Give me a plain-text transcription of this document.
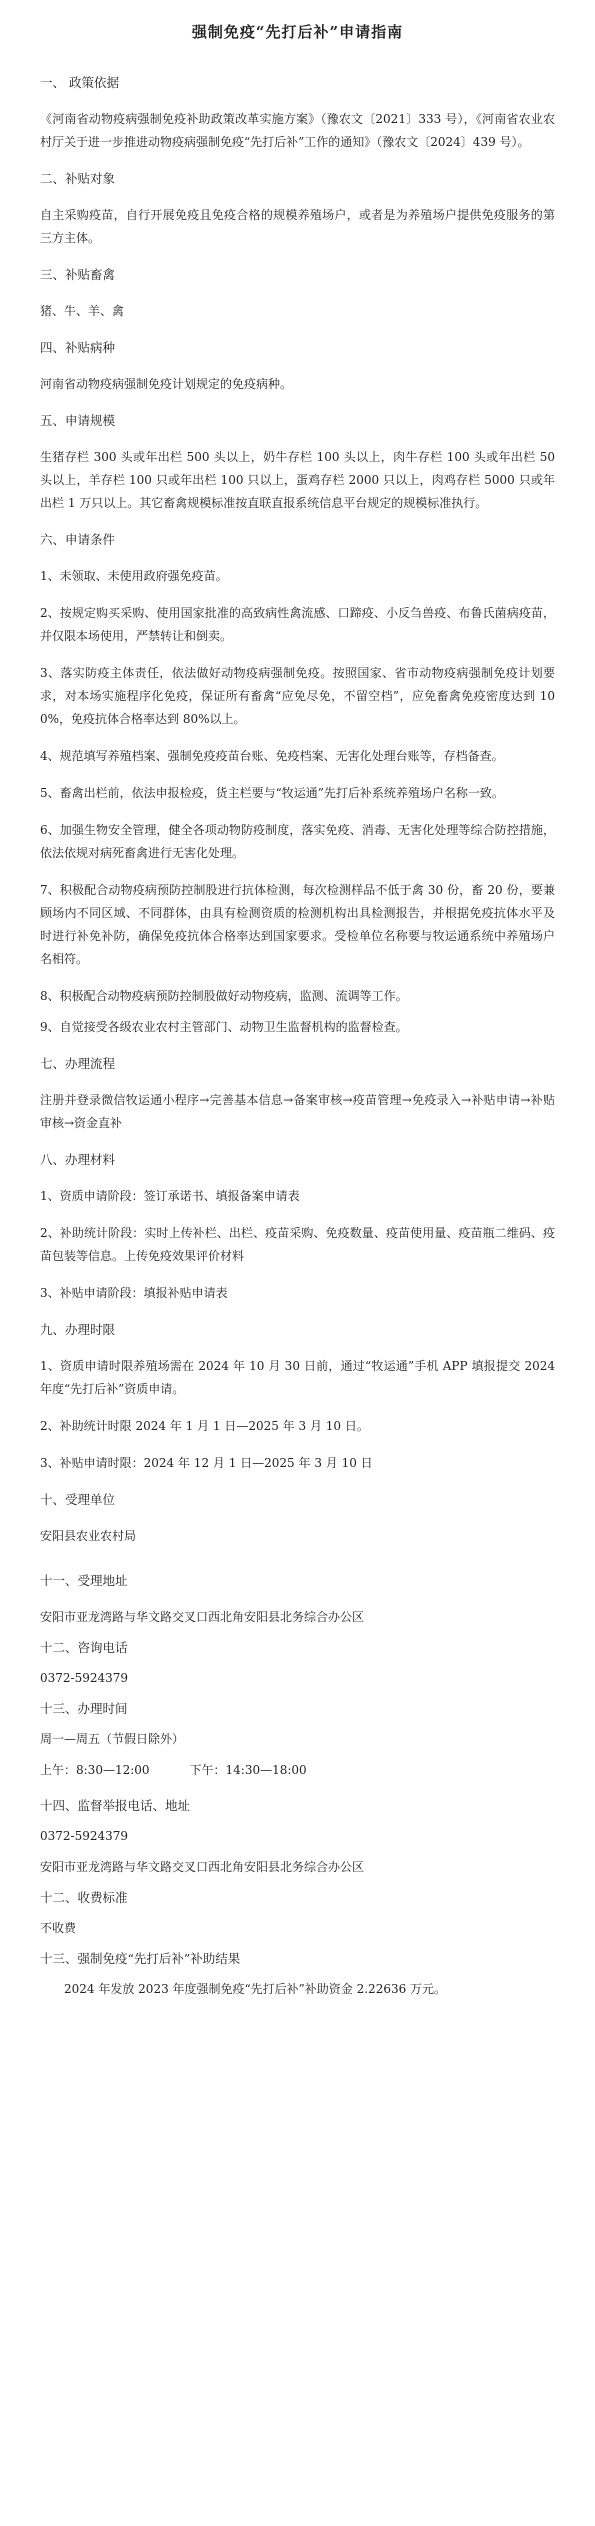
强制免疫“先打后补”申请指南
一、 政策依据
《河南省动物疫病强制免疫补助政策改革实施方案》（豫农文〔2021〕333 号），《河南省农业农村厅关于进一步推进动物疫病强制免疫“先打后补”工作的通知》（豫农文〔2024〕439 号）。
二、补贴对象
自主采购疫苗，自行开展免疫且免疫合格的规模养殖场户，或者是为养殖场户提供免疫服务的第三方主体。
三、补贴畜禽
猪、牛、羊、禽
四、补贴病种
河南省动物疫病强制免疫计划规定的免疫病种。
五、申请规模
生猪存栏 300 头或年出栏 500 头以上，奶牛存栏 100 头以上，肉牛存栏 100 头或年出栏 50 头以上，羊存栏 100 只或年出栏 100 只以上，蛋鸡存栏 2000 只以上，肉鸡存栏 5000 只或年出栏 1 万只以上。其它畜禽规模标准按直联直报系统信息平台规定的规模标准执行。
六、申请条件
1、未领取、未使用政府强免疫苗。
2、按规定购买采购、使用国家批准的高致病性禽流感、口蹄疫、小反刍兽疫、布鲁氏菌病疫苗，并仅限本场使用，严禁转让和倒卖。
3、落实防疫主体责任，依法做好动物疫病强制免疫。按照国家、省市动物疫病强制免疫计划要求，对本场实施程序化免疫，保证所有畜禽“应免尽免，不留空档”，应免畜禽免疫密度达到 100%，免疫抗体合格率达到 80%以上。
4、规范填写养殖档案、强制免疫疫苗台账、免疫档案、无害化处理台账等，存档备查。
5、畜禽出栏前，依法申报检疫，货主栏要与“牧运通”先打后补系统养殖场户名称一致。
6、加强生物安全管理，健全各项动物防疫制度，落实免疫、消毒、无害化处理等综合防控措施，依法依规对病死畜禽进行无害化处理。
7、积极配合动物疫病预防控制股进行抗体检测，每次检测样品不低于禽 30 份，畜 20 份，要兼顾场内不同区域、不同群体，由具有检测资质的检测机构出具检测报告，并根据免疫抗体水平及时进行补免补防，确保免疫抗体合格率达到国家要求。受检单位名称要与牧运通系统中养殖场户名相符。
8、积极配合动物疫病预防控制股做好动物疫病，监测、流调等工作。
9、自觉接受各级农业农村主管部门、动物卫生监督机构的监督检查。
七、办理流程
注册并登录微信牧运通小程序→完善基本信息→备案审核→疫苗管理→免疫录入→补贴申请→补贴审核→资金直补
八、办理材料
1、资质申请阶段：签订承诺书、填报备案申请表
2、补助统计阶段：实时上传补栏、出栏、疫苗采购、免疫数量、疫苗使用量、疫苗瓶二维码、疫苗包装等信息。上传免疫效果评价材料
3、补贴申请阶段：填报补贴申请表
九、办理时限
1、资质申请时限养殖场需在 2024 年 10 月 30 日前，通过“牧运通”手机 APP 填报提交 2024 年度“先打后补”资质申请。
2、补助统计时限 2024 年 1 月 1 日—2025 年 3 月 10 日。
3、补贴申请时限：2024 年 12 月 1 日—2025 年 3 月 10 日
十、受理单位
安阳县农业农村局
十一、受理地址
安阳市亚龙湾路与华文路交叉口西北角安阳县北务综合办公区
十二、咨询电话
0372-5924379
十三、办理时间
周一—周五（节假日除外）
上午：8:30—12:00	下午：14:30—18:00
十四、监督举报电话、地址
0372-5924379
安阳市亚龙湾路与华文路交叉口西北角安阳县北务综合办公区
十二、收费标准
不收费
十三、强制免疫“先打后补”补助结果
2024 年发放 2023 年度强制免疫“先打后补”补助资金 2.22636 万元。
